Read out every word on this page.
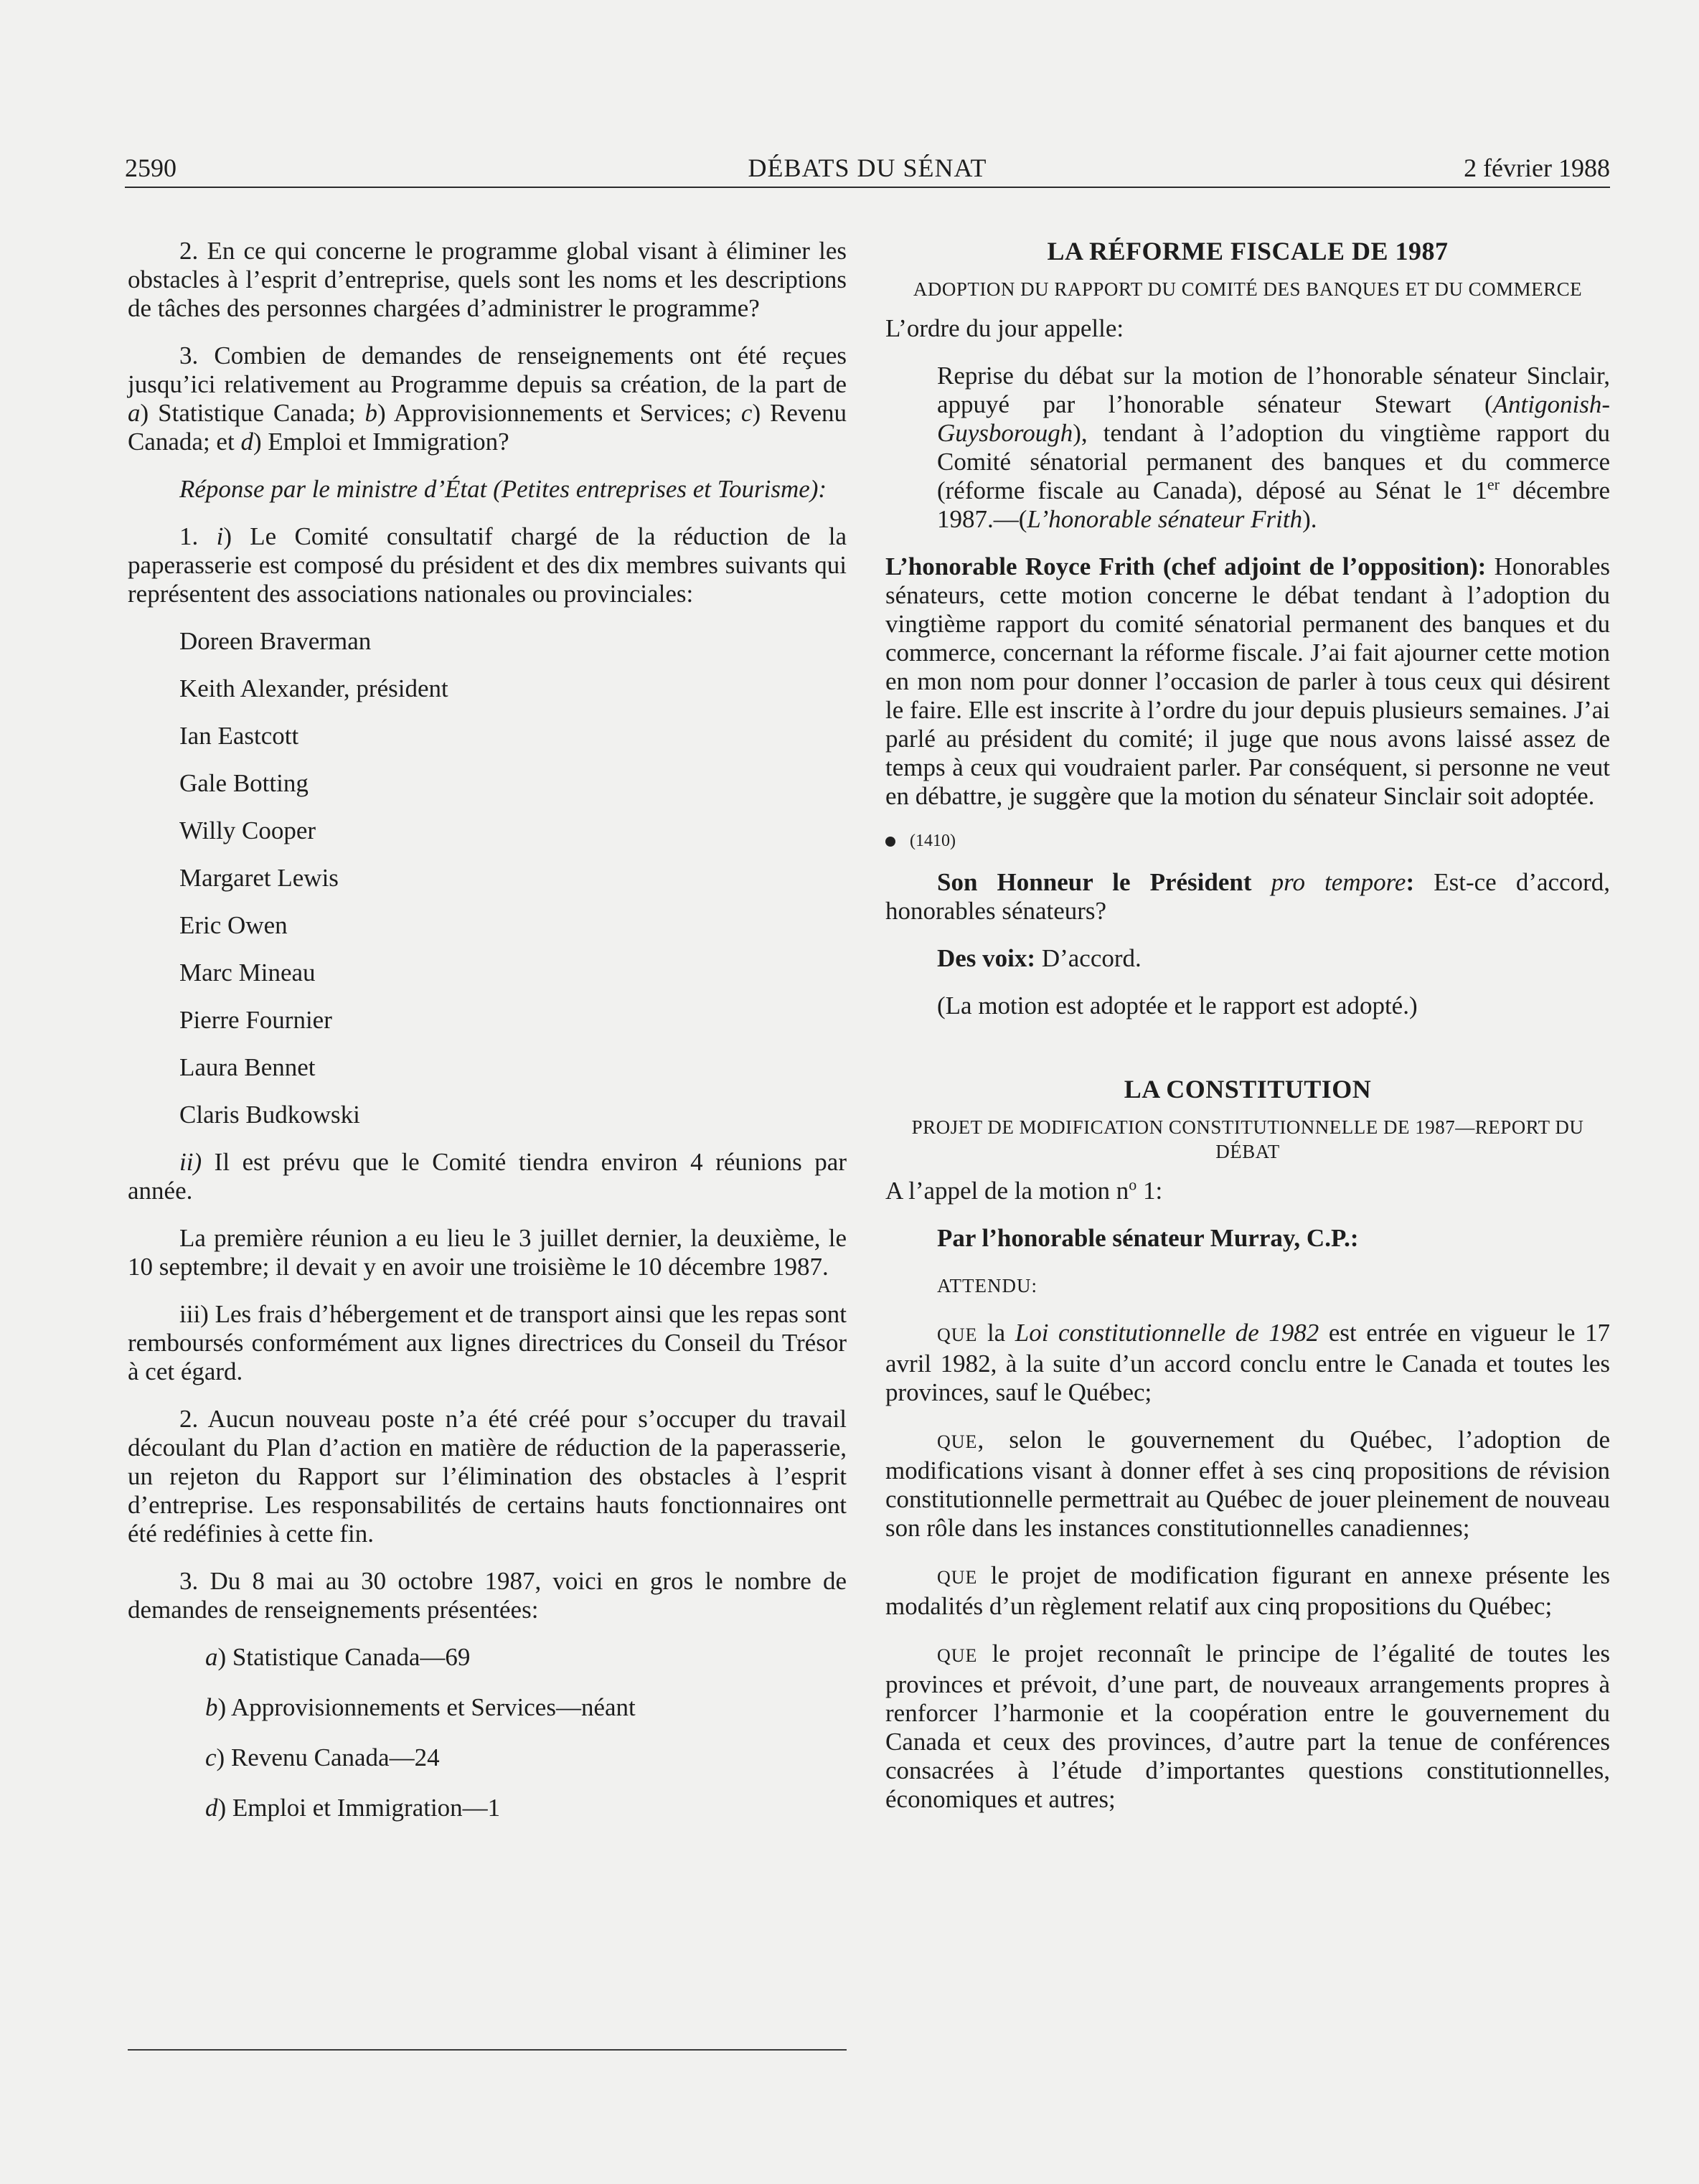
2590	DÉBATS DU SÉNAT	2 février 1988

2. En ce qui concerne le programme global visant à éliminer les obstacles à l’esprit d’entreprise, quels sont les noms et les descriptions de tâches des personnes chargées d’administrer le programme?

3. Combien de demandes de renseignements ont été reçues jusqu’ici relativement au Programme depuis sa création, de la part de a) Statistique Canada; b) Approvisionnements et Services; c) Revenu Canada; et d) Emploi et Immigration?

Réponse par le ministre d’État (Petites entreprises et Tourisme):

1. i) Le Comité consultatif chargé de la réduction de la paperasserie est composé du président et des dix membres suivants qui représentent des associations nationales ou provinciales:

Doreen Braverman

Keith Alexander, président

Ian Eastcott

Gale Botting

Willy Cooper

Margaret Lewis

Eric Owen

Marc Mineau

Pierre Fournier

Laura Bennet

Claris Budkowski

ii) Il est prévu que le Comité tiendra environ 4 réunions par année.

La première réunion a eu lieu le 3 juillet dernier, la deuxième, le 10 septembre; il devait y en avoir une troisième le 10 décembre 1987.

iii) Les frais d’hébergement et de transport ainsi que les repas sont remboursés conformément aux lignes directrices du Conseil du Trésor à cet égard.

2. Aucun nouveau poste n’a été créé pour s’occuper du travail découlant du Plan d’action en matière de réduction de la paperasserie, un rejeton du Rapport sur l’élimination des obstacles à l’esprit d’entreprise. Les responsabilités de certains hauts fonctionnaires ont été redéfinies à cette fin.

3. Du 8 mai au 30 octobre 1987, voici en gros le nombre de demandes de renseignements présentées:

a) Statistique Canada—69

b) Approvisionnements et Services—néant

c) Revenu Canada—24

d) Emploi et Immigration—1

LA RÉFORME FISCALE DE 1987
ADOPTION DU RAPPORT DU COMITÉ DES BANQUES ET DU COMMERCE

L’ordre du jour appelle:

Reprise du débat sur la motion de l’honorable sénateur Sinclair, appuyé par l’honorable sénateur Stewart (Antigonish-Guysborough), tendant à l’adoption du vingtième rapport du Comité sénatorial permanent des banques et du commerce (réforme fiscale au Canada), déposé au Sénat le 1er décembre 1987.—(L’honorable sénateur Frith).

L’honorable Royce Frith (chef adjoint de l’opposition): Honorables sénateurs, cette motion concerne le débat tendant à l’adoption du vingtième rapport du comité sénatorial permanent des banques et du commerce, concernant la réforme fiscale. J’ai fait ajourner cette motion en mon nom pour donner l’occasion de parler à tous ceux qui désirent le faire. Elle est inscrite à l’ordre du jour depuis plusieurs semaines. J’ai parlé au président du comité; il juge que nous avons laissé assez de temps à ceux qui voudraient parler. Par conséquent, si personne ne veut en débattre, je suggère que la motion du sénateur Sinclair soit adoptée.

(1410)

Son Honneur le Président pro tempore: Est-ce d’accord, honorables sénateurs?

Des voix: D’accord.

(La motion est adoptée et le rapport est adopté.)

LA CONSTITUTION
PROJET DE MODIFICATION CONSTITUTIONNELLE DE 1987—REPORT DU DÉBAT

A l’appel de la motion $n^o$ 1:

Par l’honorable sénateur Murray, C.P.:

ATTENDU:

QUE la Loi constitutionnelle de 1982 est entrée en vigueur le 17 avril 1982, à la suite d’un accord conclu entre le Canada et toutes les provinces, sauf le Québec;

QUE, selon le gouvernement du Québec, l’adoption de modifications visant à donner effet à ses cinq propositions de révision constitutionnelle permettrait au Québec de jouer pleinement de nouveau son rôle dans les instances constitutionnelles canadiennes;

QUE le projet de modification figurant en annexe présente les modalités d’un règlement relatif aux cinq propositions du Québec;

QUE le projet reconnaît le principe de l’égalité de toutes les provinces et prévoit, d’une part, de nouveaux arrangements propres à renforcer l’harmonie et la coopération entre le gouvernement du Canada et ceux des provinces, d’autre part la tenue de conférences consacrées à l’étude d’importantes questions constitutionnelles, économiques et autres;
